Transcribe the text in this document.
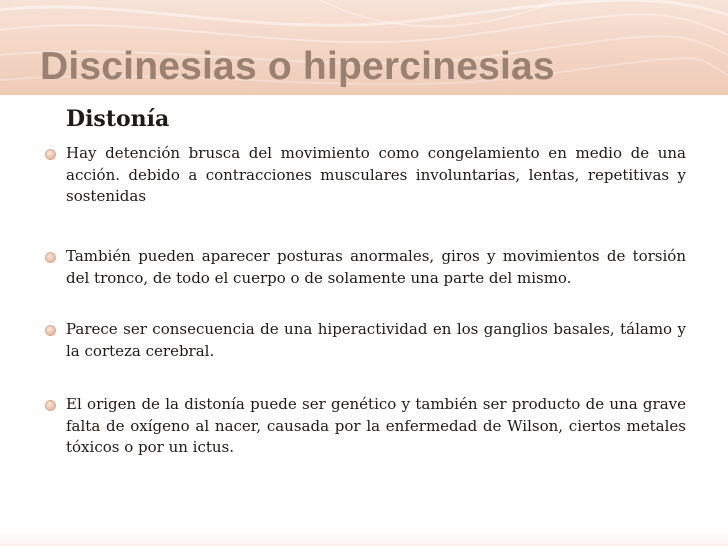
Discinesias o hipercinesias
Distonía
Hay detención brusca del movimiento como congelamiento en medio de una acción. debido a contracciones musculares involuntarias, lentas, repetitivas y sostenidas
También pueden aparecer posturas anormales, giros y movimientos de torsión del tronco, de todo el cuerpo o de solamente una parte del mismo.
Parece ser consecuencia de una hiperactividad en los ganglios basales, tálamo y la corteza cerebral.
El origen de la distonía puede ser genético y también ser producto de una grave falta de oxígeno al nacer, causada por la enfermedad de Wilson, ciertos metales tóxicos o por un ictus.
